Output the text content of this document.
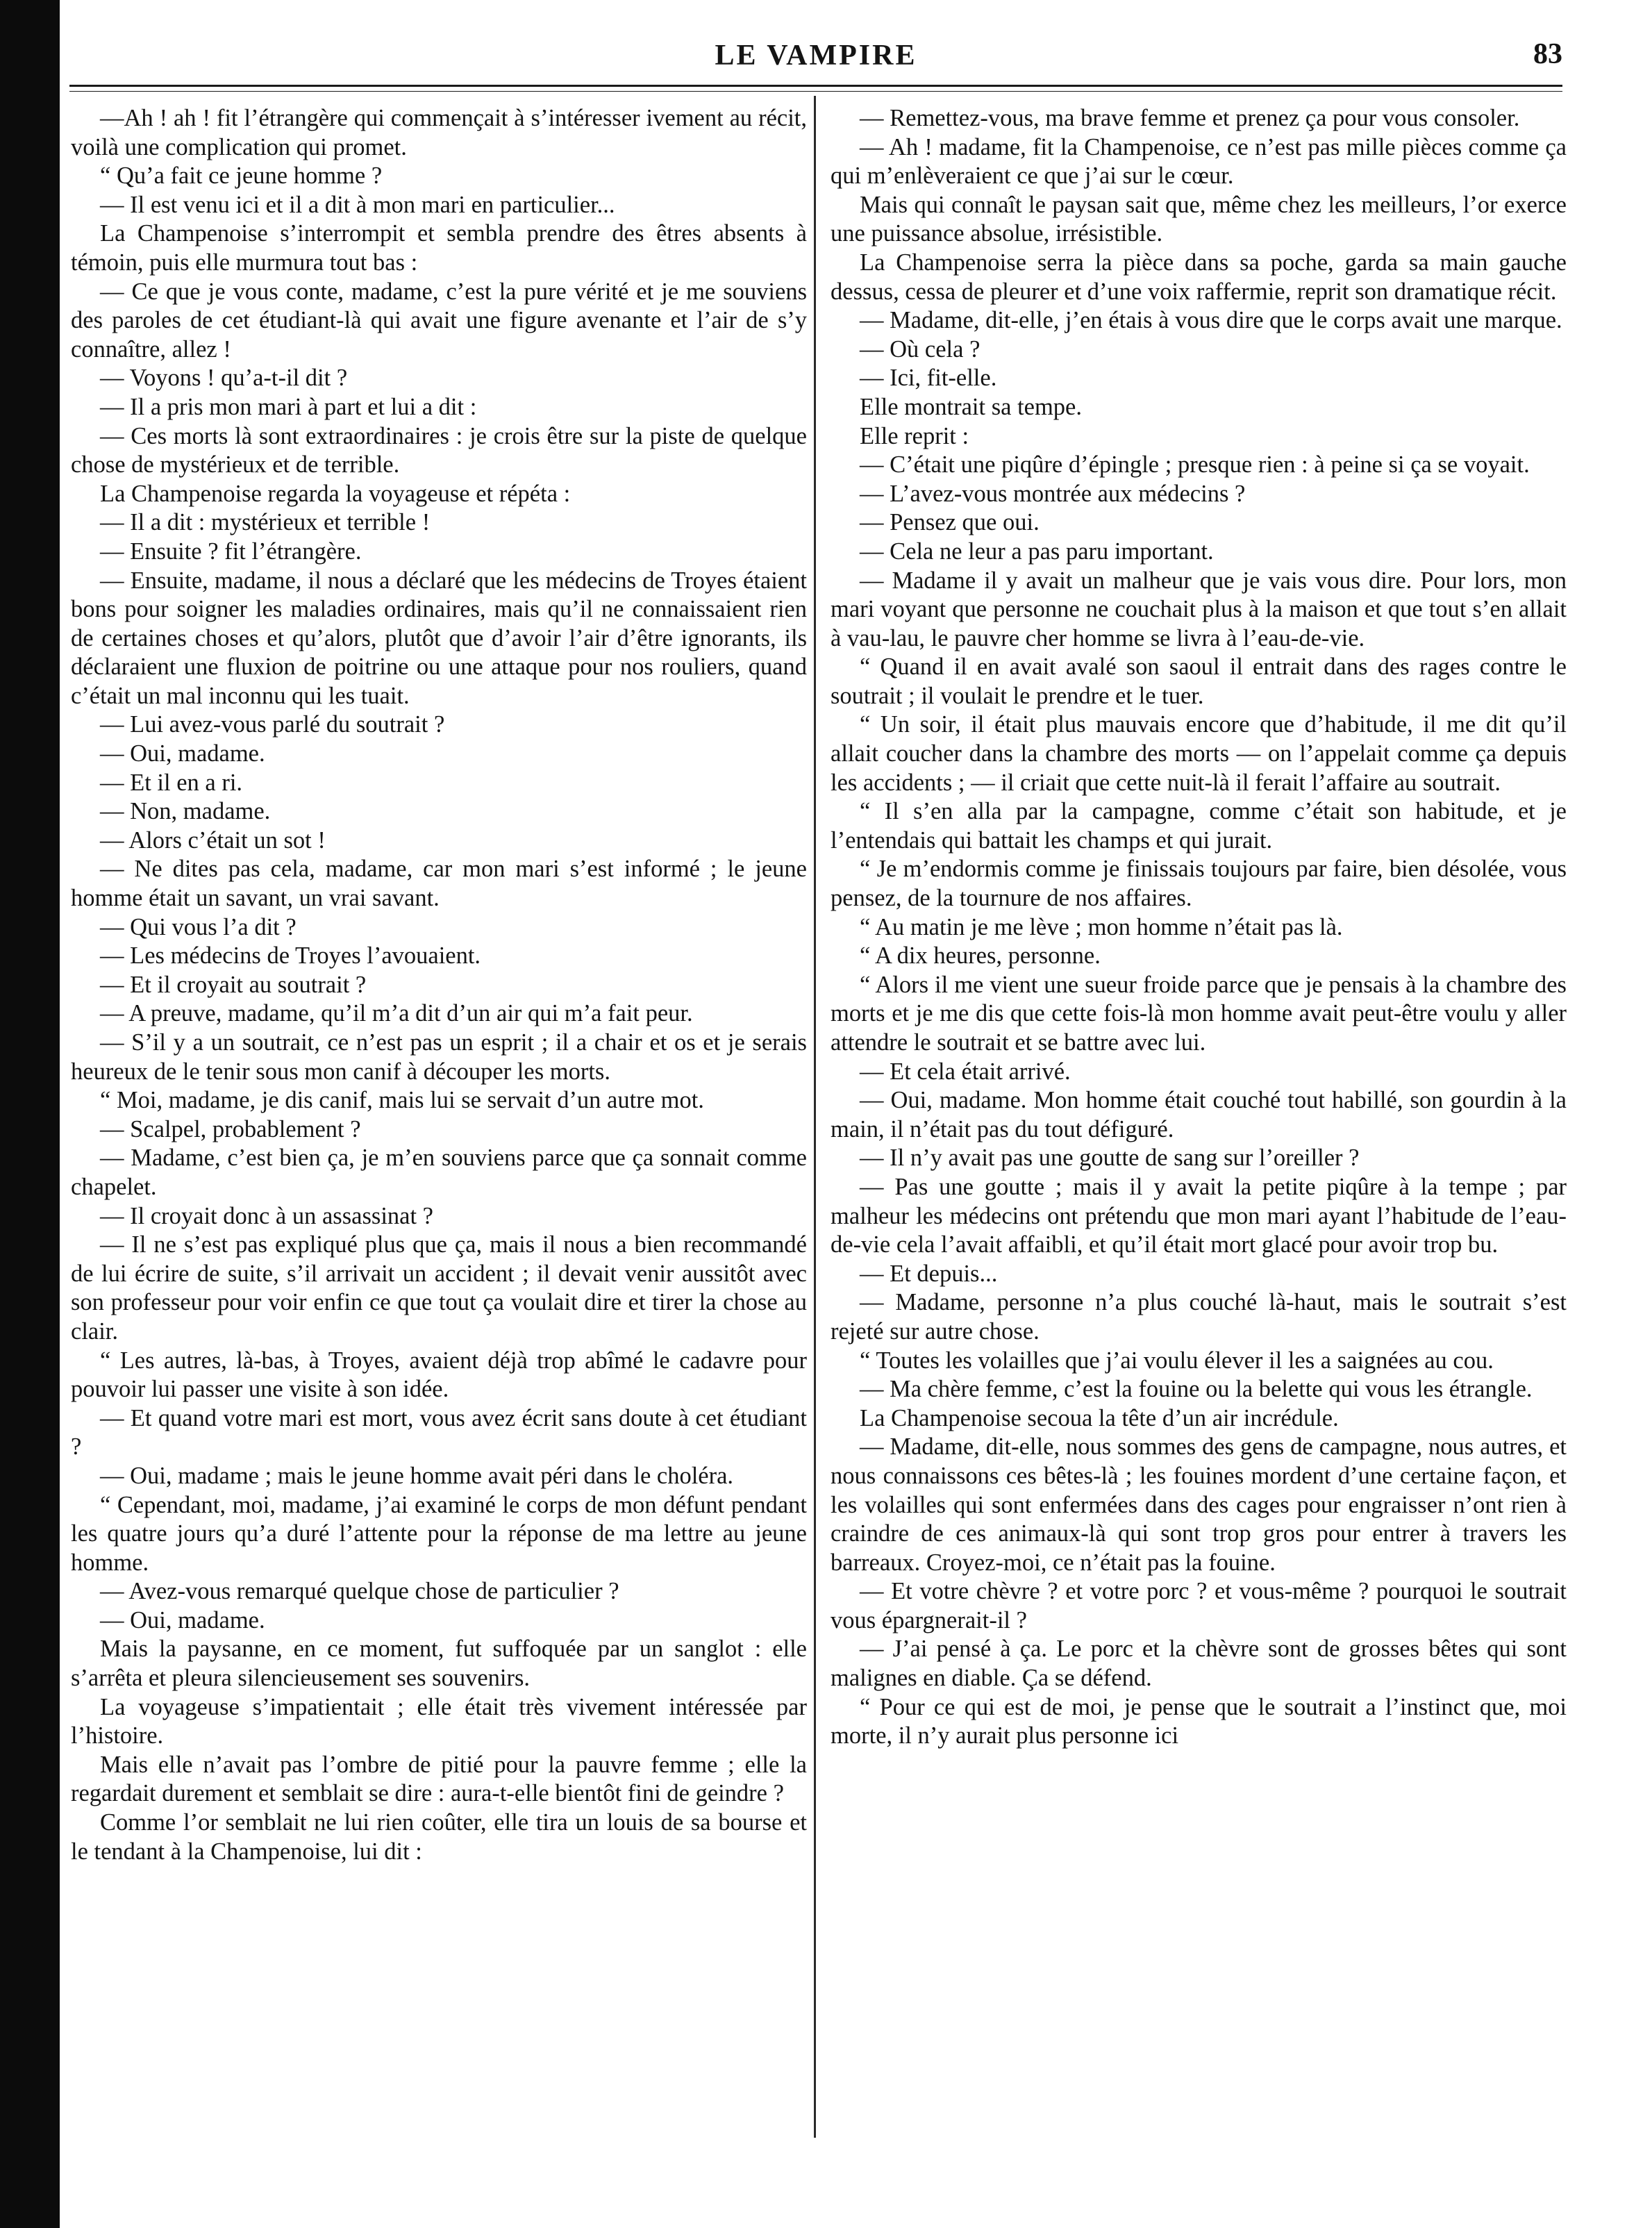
LE VAMPIRE	83

—Ah ! ah ! fit l’étrangère qui commençait à s’intéresser ivement au récit, voilà une complication qui promet.

“ Qu’a fait ce jeune homme ?

— Il est venu ici et il a dit à mon mari en particulier...

La Champenoise s’interrompit et sembla prendre des êtres absents à témoin, puis elle murmura tout bas :

— Ce que je vous conte, madame, c’est la pure vérité et je me souviens des paroles de cet étudiant-là qui avait une figure avenante et l’air de s’y connaître, allez !

— Voyons ! qu’a-t-il dit ?

— Il a pris mon mari à part et lui a dit :

— Ces morts là sont extraordinaires : je crois être sur la piste de quelque chose de mystérieux et de terrible.

La Champenoise regarda la voyageuse et répéta :

— Il a dit : mystérieux et terrible !

— Ensuite ? fit l’étrangère.

— Ensuite, madame, il nous a déclaré que les médecins de Troyes étaient bons pour soigner les maladies ordinaires, mais qu’il ne connaissaient rien de certaines choses et qu’alors, plutôt que d’avoir l’air d’être ignorants, ils déclaraient une fluxion de poitrine ou une attaque pour nos rouliers, quand c’était un mal inconnu qui les tuait.

— Lui avez-vous parlé du soutrait ?

— Oui, madame.

— Et il en a ri.

— Non, madame.

— Alors c’était un sot !

— Ne dites pas cela, madame, car mon mari s’est informé ; le jeune homme était un savant, un vrai savant.

— Qui vous l’a dit ?

— Les médecins de Troyes l’avouaient.

— Et il croyait au soutrait ?

— A preuve, madame, qu’il m’a dit d’un air qui m’a fait peur.

— S’il y a un soutrait, ce n’est pas un esprit ; il a chair et os et je serais heureux de le tenir sous mon canif à découper les morts.

“ Moi, madame, je dis canif, mais lui se servait d’un autre mot.

— Scalpel, probablement ?

— Madame, c’est bien ça, je m’en souviens parce que ça sonnait comme chapelet.

— Il croyait donc à un assassinat ?

— Il ne s’est pas expliqué plus que ça, mais il nous a bien recommandé de lui écrire de suite, s’il arrivait un accident ; il devait venir aussitôt avec son professeur pour voir enfin ce que tout ça voulait dire et tirer la chose au clair.

“ Les autres, là-bas, à Troyes, avaient déjà trop abîmé le cadavre pour pouvoir lui passer une visite à son idée.

— Et quand votre mari est mort, vous avez écrit sans doute à cet étudiant ?

— Oui, madame ; mais le jeune homme avait péri dans le choléra.

“ Cependant, moi, madame, j’ai examiné le corps de mon défunt pendant les quatre jours qu’a duré l’attente pour la réponse de ma lettre au jeune homme.

— Avez-vous remarqué quelque chose de particulier ?

— Oui, madame.

Mais la paysanne, en ce moment, fut suffoquée par un sanglot : elle s’arrêta et pleura silencieusement ses souvenirs.

La voyageuse s’impatientait ; elle était très vivement intéressée par l’histoire.

Mais elle n’avait pas l’ombre de pitié pour la pauvre femme ; elle la regardait durement et semblait se dire : aura-t-elle bientôt fini de geindre ?

Comme l’or semblait ne lui rien coûter, elle tira un louis de sa bourse et le tendant à la Champenoise, lui dit :

— Remettez-vous, ma brave femme et prenez ça pour vous consoler.

— Ah ! madame, fit la Champenoise, ce n’est pas mille pièces comme ça qui m’enlèveraient ce que j’ai sur le cœur.

Mais qui connaît le paysan sait que, même chez les meilleurs, l’or exerce une puissance absolue, irrésistible.

La Champenoise serra la pièce dans sa poche, garda sa main gauche dessus, cessa de pleurer et d’une voix raffermie, reprit son dramatique récit.

— Madame, dit-elle, j’en étais à vous dire que le corps avait une marque.

— Où cela ?

— Ici, fit-elle.

Elle montrait sa tempe.

Elle reprit :

— C’était une piqûre d’épingle ; presque rien : à peine si ça se voyait.

— L’avez-vous montrée aux médecins ?

— Pensez que oui.

— Cela ne leur a pas paru important.

— Madame il y avait un malheur que je vais vous dire. Pour lors, mon mari voyant que personne ne couchait plus à la maison et que tout s’en allait à vau-lau, le pauvre cher homme se livra à l’eau-de-vie.

“ Quand il en avait avalé son saoul il entrait dans des rages contre le soutrait ; il voulait le prendre et le tuer.

“ Un soir, il était plus mauvais encore que d’habitude, il me dit qu’il allait coucher dans la chambre des morts — on l’appelait comme ça depuis les accidents ; — il criait que cette nuit-là il ferait l’affaire au soutrait.

“ Il s’en alla par la campagne, comme c’était son habitude, et je l’entendais qui battait les champs et qui jurait.

“ Je m’endormis comme je finissais toujours par faire, bien désolée, vous pensez, de la tournure de nos affaires.

“ Au matin je me lève ; mon homme n’était pas là.

“ A dix heures, personne.

“ Alors il me vient une sueur froide parce que je pensais à la chambre des morts et je me dis que cette fois-là mon homme avait peut-être voulu y aller attendre le soutrait et se battre avec lui.

— Et cela était arrivé.

— Oui, madame. Mon homme était couché tout habillé, son gourdin à la main, il n’était pas du tout défiguré.

— Il n’y avait pas une goutte de sang sur l’oreiller ?

— Pas une goutte ; mais il y avait la petite piqûre à la tempe ; par malheur les médecins ont prétendu que mon mari ayant l’habitude de l’eau-de-vie cela l’avait affaibli, et qu’il était mort glacé pour avoir trop bu.

— Et depuis...

— Madame, personne n’a plus couché là-haut, mais le soutrait s’est rejeté sur autre chose.

“ Toutes les volailles que j’ai voulu élever il les a saignées au cou.

— Ma chère femme, c’est la fouine ou la belette qui vous les étrangle.

La Champenoise secoua la tête d’un air incrédule.

— Madame, dit-elle, nous sommes des gens de campagne, nous autres, et nous connaissons ces bêtes-là ; les fouines mordent d’une certaine façon, et les volailles qui sont enfermées dans des cages pour engraisser n’ont rien à craindre de ces animaux-là qui sont trop gros pour entrer à travers les barreaux. Croyez-moi, ce n’était pas la fouine.

— Et votre chèvre ? et votre porc ? et vous-même ? pourquoi le soutrait vous épargnerait-il ?

— J’ai pensé à ça. Le porc et la chèvre sont de grosses bêtes qui sont malignes en diable. Ça se défend.

“ Pour ce qui est de moi, je pense que le soutrait a l’instinct que, moi morte, il n’y aurait plus personne ici
